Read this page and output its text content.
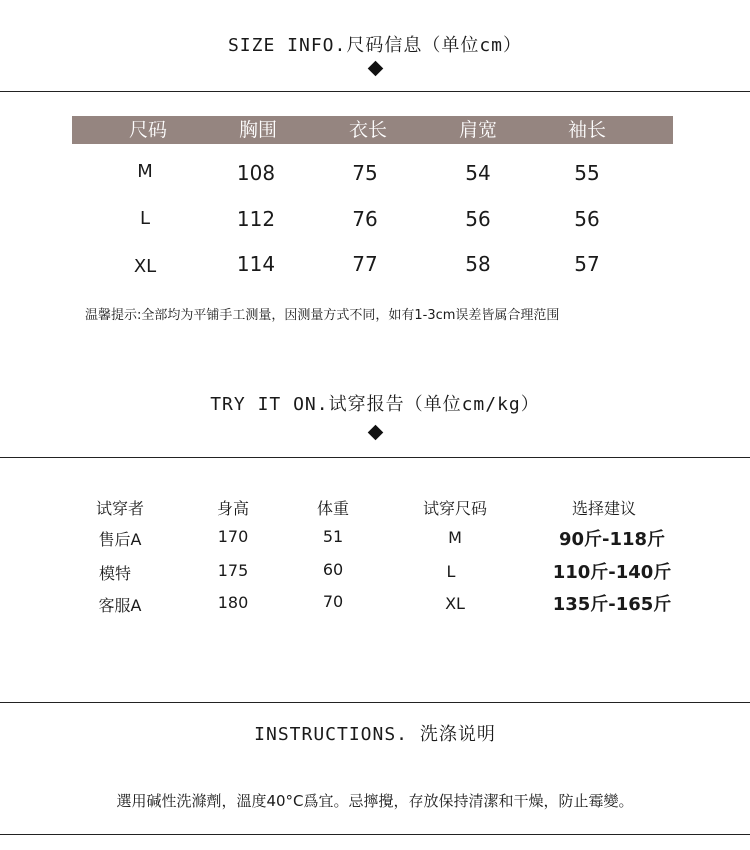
SIZE INFO.尺码信息（单位cm）
尺码	胸围	衣长	肩宽	袖长
M	108	75	54	55
L	112	76	56	56
XL	114	77	58	57
温馨提示:全部均为平铺手工测量，因测量方式不同，如有1-3cm误差皆属合理范围
TRY IT ON.试穿报告（单位cm/kg）
试穿者	身高	体重	试穿尺码	选择建议
售后A	170	51	M	90斤-118斤
模特	175	60	L	110斤-140斤
客服A	180	70	XL	135斤-165斤
INSTRUCTIONS. 洗涤说明
選用碱性洗滌劑，溫度40°C爲宜。忌擰攪，存放保持清潔和干燥，防止霉變。
